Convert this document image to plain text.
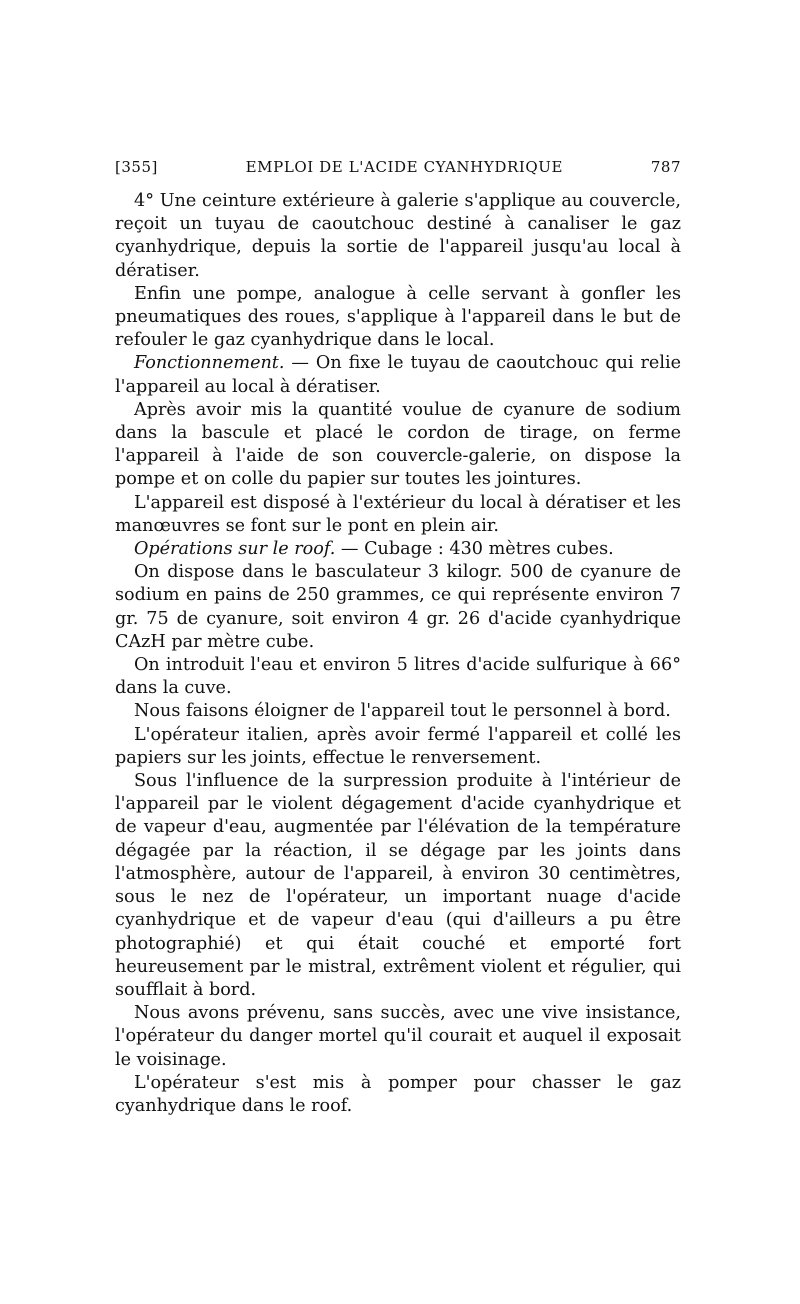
[355]	EMPLOI DE L'ACIDE CYANHYDRIQUE	787

4° Une ceinture extérieure à galerie s'applique au couvercle, reçoit un tuyau de caoutchouc destiné à canaliser le gaz cyanhydrique, depuis la sortie de l'appareil jusqu'au local à dératiser.

Enfin une pompe, analogue à celle servant à gonfler les pneumatiques des roues, s'applique à l'appareil dans le but de refouler le gaz cyanhydrique dans le local.

Fonctionnement. — On fixe le tuyau de caoutchouc qui relie l'appareil au local à dératiser.

Après avoir mis la quantité voulue de cyanure de sodium dans la bascule et placé le cordon de tirage, on ferme l'appareil à l'aide de son couvercle-galerie, on dispose la pompe et on colle du papier sur toutes les jointures.

L'appareil est disposé à l'extérieur du local à dératiser et les manœuvres se font sur le pont en plein air.

Opérations sur le roof. — Cubage : 430 mètres cubes.

On dispose dans le basculateur 3 kilogr. 500 de cyanure de sodium en pains de 250 grammes, ce qui représente environ 7 gr. 75 de cyanure, soit environ 4 gr. 26 d'acide cyanhydrique CAzH par mètre cube.

On introduit l'eau et environ 5 litres d'acide sulfurique à 66° dans la cuve.

Nous faisons éloigner de l'appareil tout le personnel à bord.

L'opérateur italien, après avoir fermé l'appareil et collé les papiers sur les joints, effectue le renversement.

Sous l'influence de la surpression produite à l'intérieur de l'appareil par le violent dégagement d'acide cyanhydrique et de vapeur d'eau, augmentée par l'élévation de la température dégagée par la réaction, il se dégage par les joints dans l'atmosphère, autour de l'appareil, à environ 30 centimètres, sous le nez de l'opérateur, un important nuage d'acide cyanhydrique et de vapeur d'eau (qui d'ailleurs a pu être photographié) et qui était couché et emporté fort heureusement par le mistral, extrêment violent et régulier, qui soufflait à bord.

Nous avons prévenu, sans succès, avec une vive insistance, l'opérateur du danger mortel qu'il courait et auquel il exposait le voisinage.

L'opérateur s'est mis à pomper pour chasser le gaz cyanhydrique dans le roof.
